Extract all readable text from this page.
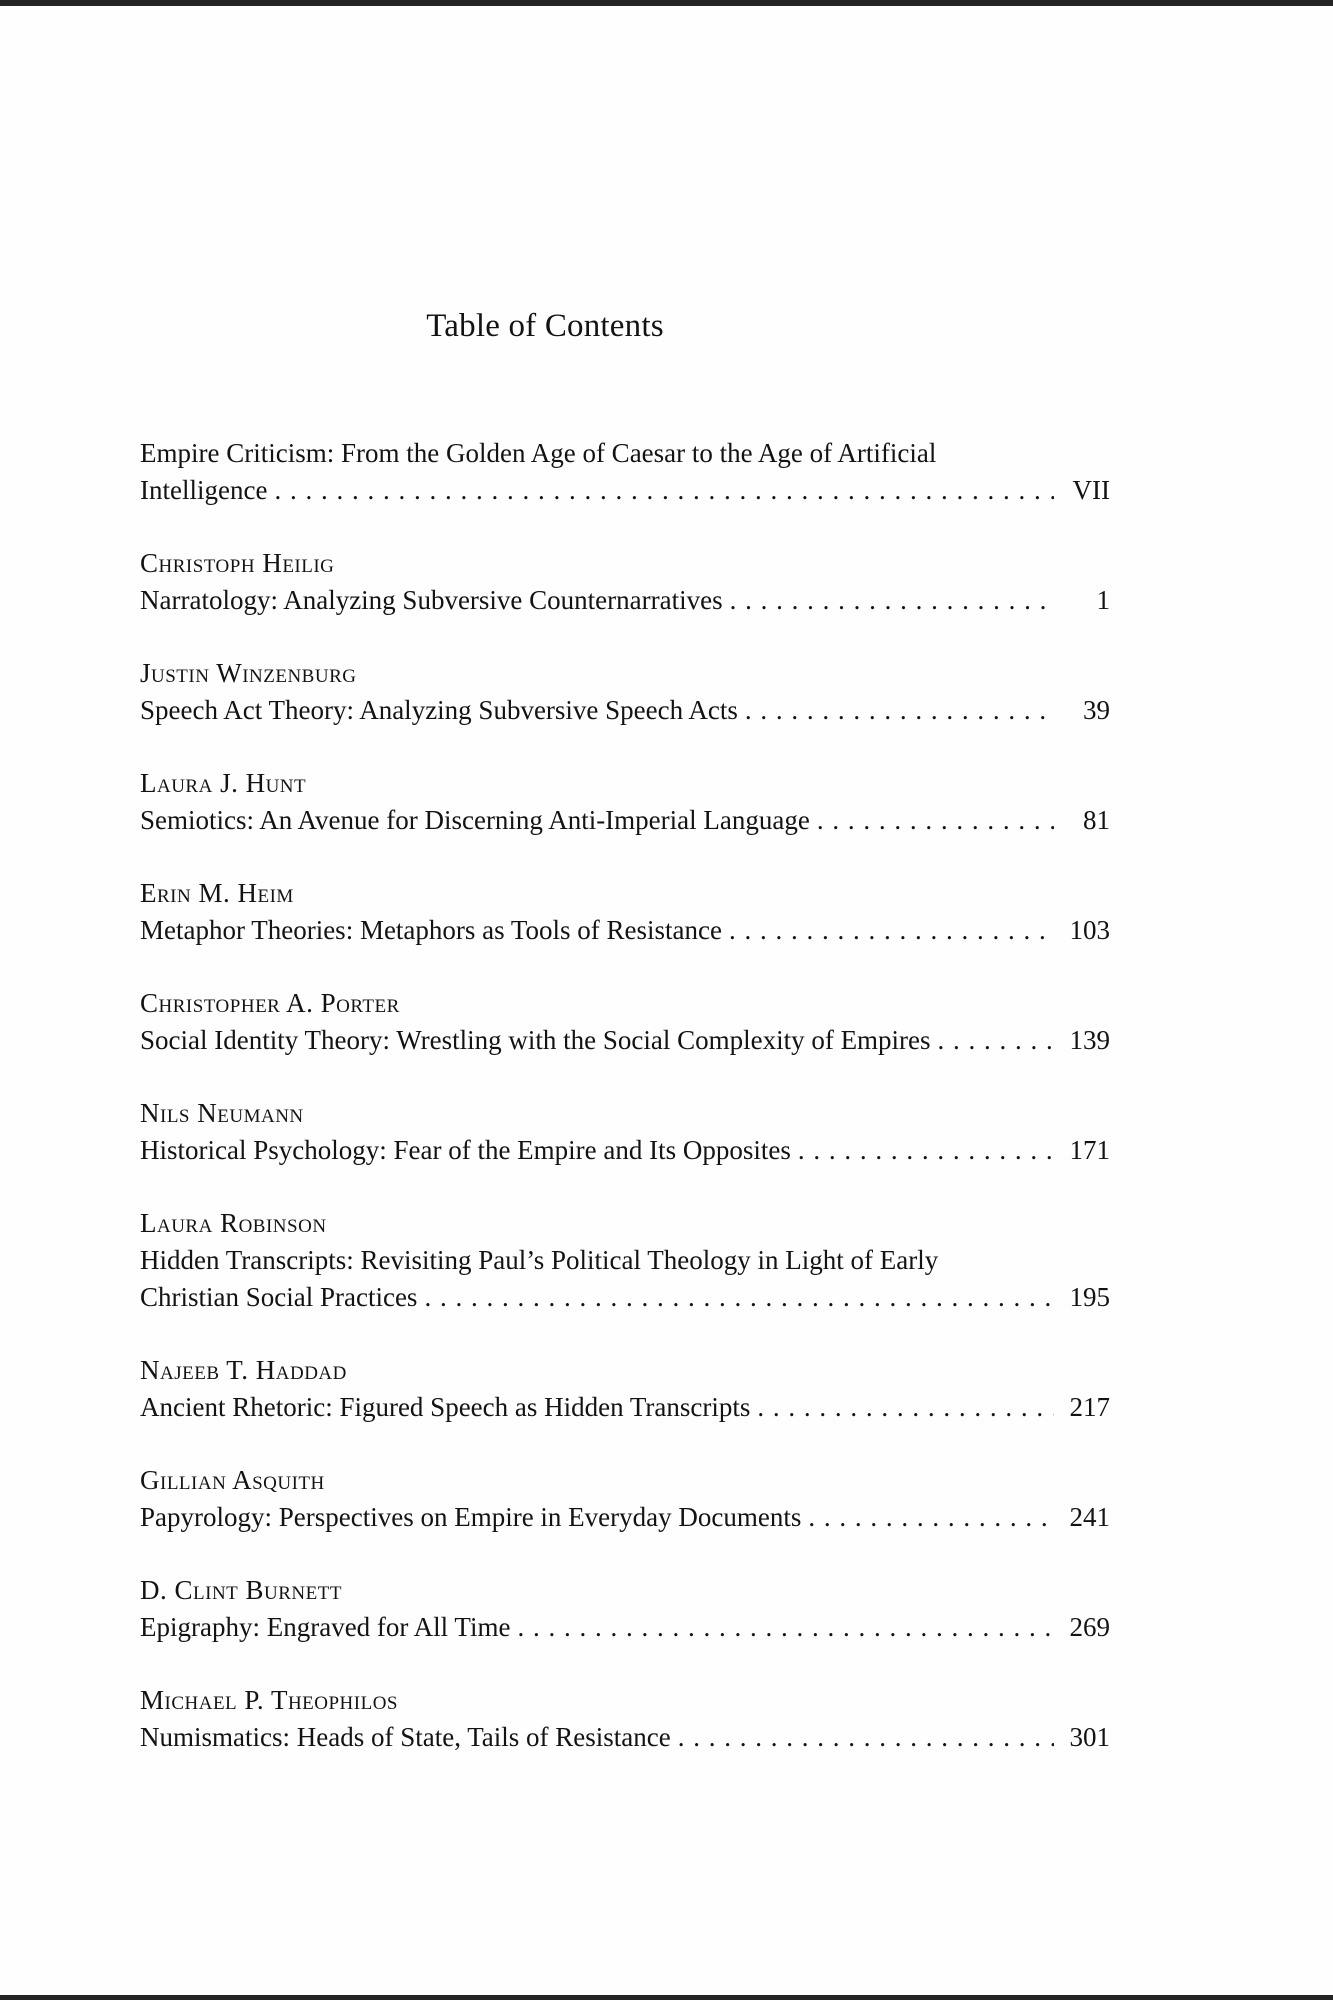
Table of Contents
Empire Criticism: From the Golden Age of Caesar to the Age of Artificial
Intelligence . . .	VII
Christoph Heilig
Narratology: Analyzing Subversive Counternarratives . . .	1
Justin Winzenburg
Speech Act Theory: Analyzing Subversive Speech Acts . . .	39
Laura J. Hunt
Semiotics: An Avenue for Discerning Anti-Imperial Language . . .	81
Erin M. Heim
Metaphor Theories: Metaphors as Tools of Resistance . . .	103
Christopher A. Porter
Social Identity Theory: Wrestling with the Social Complexity of Empires . . .	139
Nils Neumann
Historical Psychology: Fear of the Empire and Its Opposites . . .	171
Laura Robinson
Hidden Transcripts: Revisiting Paul’s Political Theology in Light of Early
Christian Social Practices . . .	195
Najeeb T. Haddad
Ancient Rhetoric: Figured Speech as Hidden Transcripts . . .	217
Gillian Asquith
Papyrology: Perspectives on Empire in Everyday Documents . . .	241
D. Clint Burnett
Epigraphy: Engraved for All Time . . .	269
Michael P. Theophilos
Numismatics: Heads of State, Tails of Resistance . . .	301
